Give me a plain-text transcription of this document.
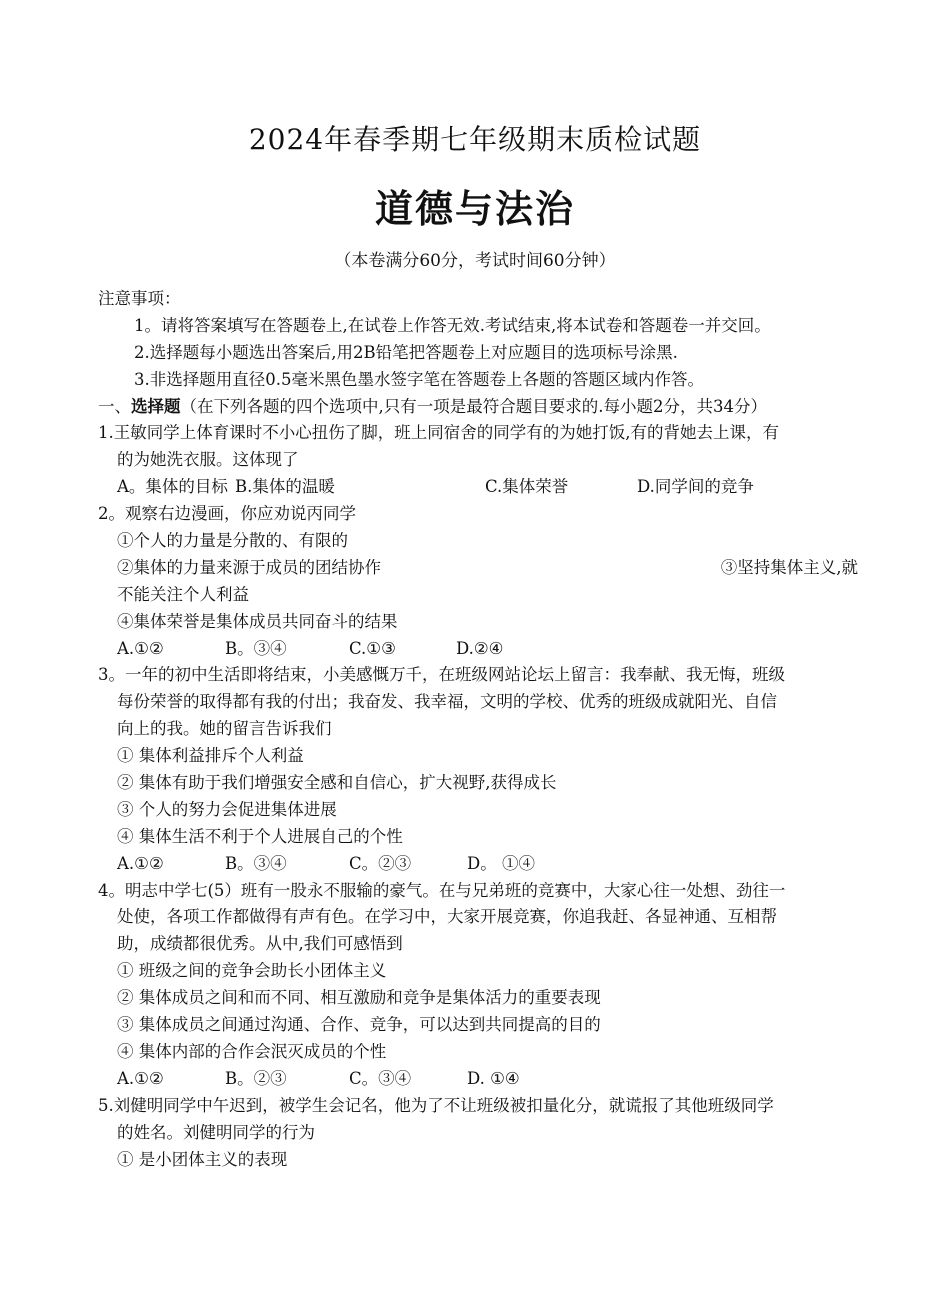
2024年春季期七年级期末质检试题
道德与法治
（本卷满分60分，考试时间60分钟）
注意事项：
1。请将答案填写在答题卷上,在试卷上作答无效.考试结束,将本试卷和答题卷一并交回。
2.选择题每小题选出答案后,用2B铅笔把答题卷上对应题目的选项标号涂黑.
3.非选择题用直径0.5毫米黑色墨水签字笔在答题卷上各题的答题区域内作答。
一、选择题（在下列各题的四个选项中,只有一项是最符合题目要求的.每小题2分，共34分）
1.王敏同学上体育课时不小心扭伤了脚，班上同宿舍的同学有的为她打饭,有的背她去上课，有
的为她洗衣服。这体现了
A。集体的目标 B.集体的温暖	C.集体荣誉	D.同学间的竞争
2。观察右边漫画，你应劝说丙同学
①个人的力量是分散的、有限的
②集体的力量来源于成员的团结协作	③坚持集体主义,就
不能关注个人利益
④集体荣誉是集体成员共同奋斗的结果
A.①②	B。③④	C.①③	D.②④
3。一年的初中生活即将结束，小美感慨万千，在班级网站论坛上留言：我奉献、我无悔，班级
每份荣誉的取得都有我的付出；我奋发、我幸福，文明的学校、优秀的班级成就阳光、自信
向上的我。她的留言告诉我们
① 集体利益排斥个人利益
② 集体有助于我们增强安全感和自信心，扩大视野,获得成长
③ 个人的努力会促进集体进展
④ 集体生活不利于个人进展自己的个性
A.①②	B。③④	C。②③	D。 ①④
4。明志中学七(5）班有一股永不服输的豪气。在与兄弟班的竞赛中，大家心往一处想、劲往一
处使，各项工作都做得有声有色。在学习中，大家开展竞赛，你追我赶、各显神通、互相帮
助，成绩都很优秀。从中,我们可感悟到
① 班级之间的竞争会助长小团体主义
② 集体成员之间和而不同、相互激励和竞争是集体活力的重要表现
③ 集体成员之间通过沟通、合作、竞争，可以达到共同提高的目的
④ 集体内部的合作会泯灭成员的个性
A.①②	B。②③	C。③④	D. ①④
5.刘健明同学中午迟到，被学生会记名，他为了不让班级被扣量化分，就谎报了其他班级同学
的姓名。刘健明同学的行为
① 是小团体主义的表现
